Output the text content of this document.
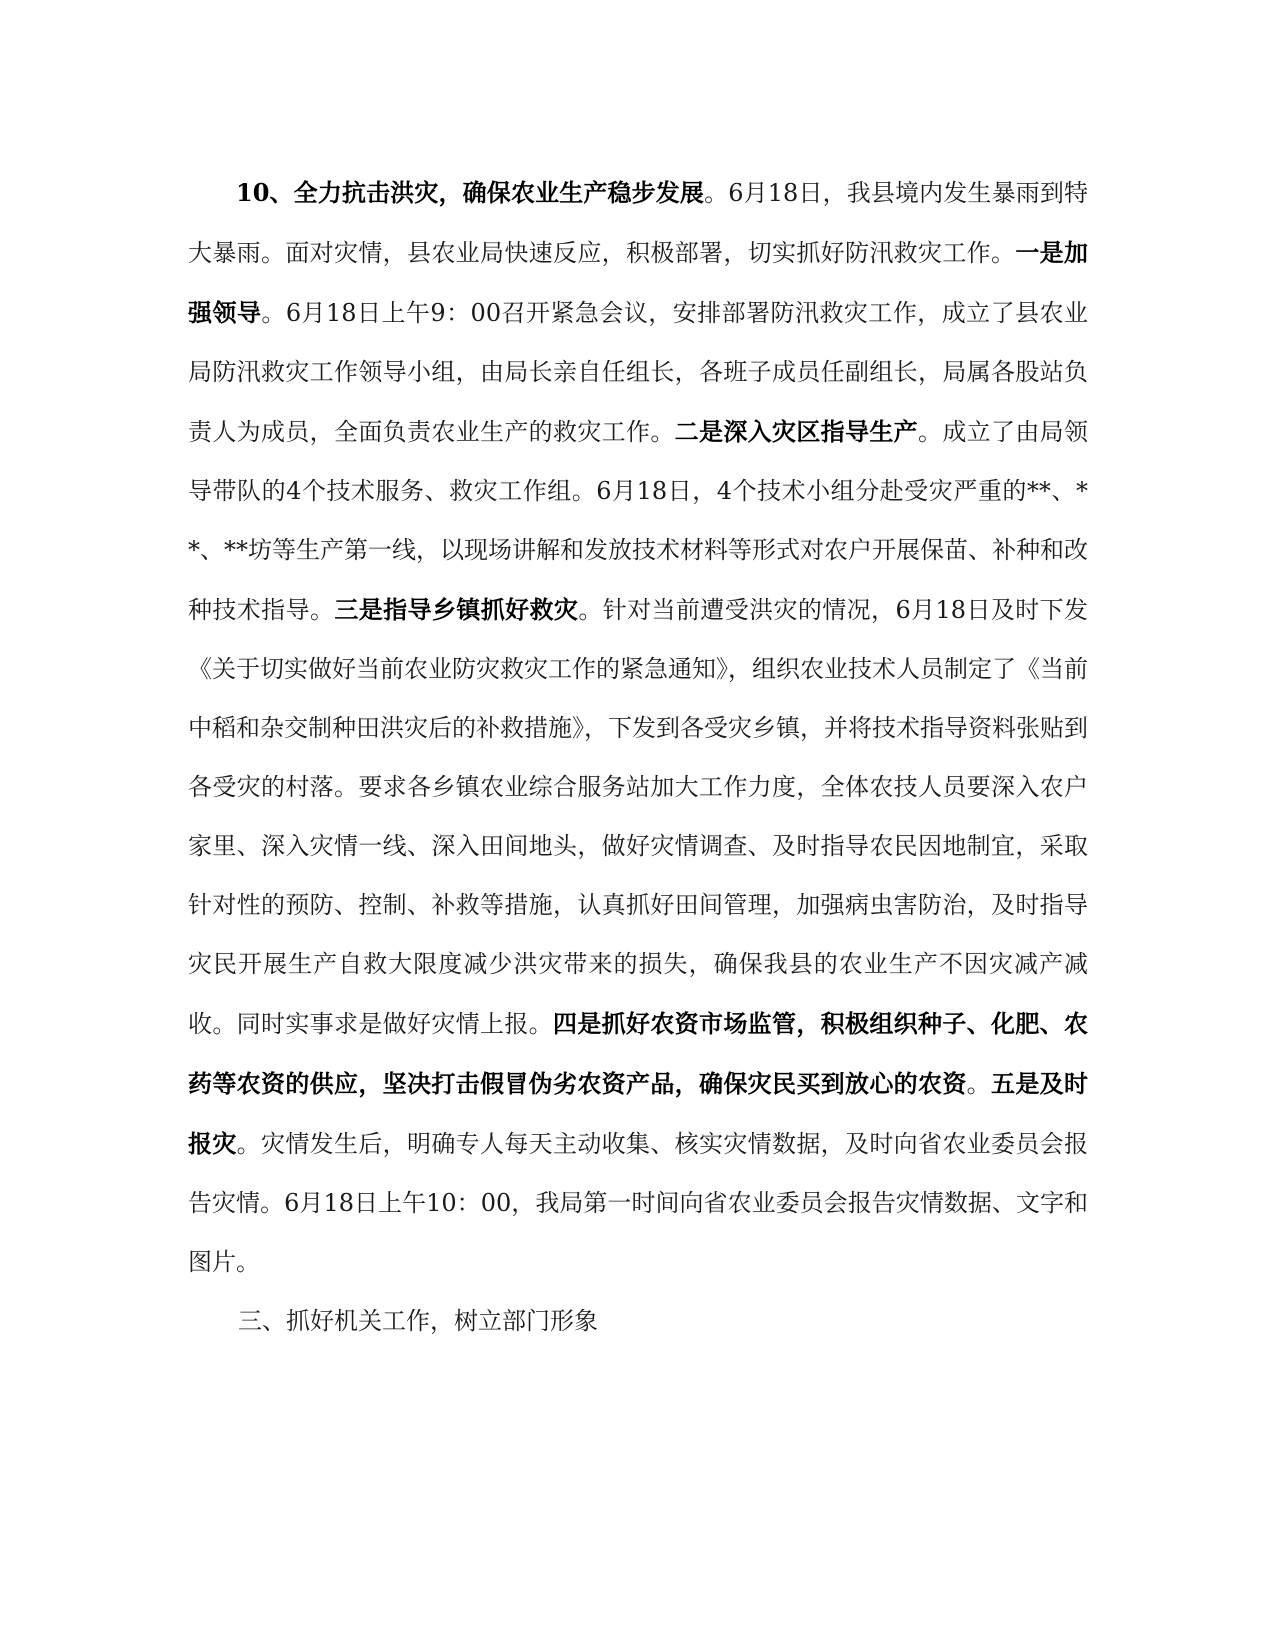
10、全力抗击洪灾，确保农业生产稳步发展。6月18日，我县境内发生暴雨到特大暴雨。面对灾情，县农业局快速反应，积极部署，切实抓好防汛救灾工作。一是加强领导。6月18日上午9：00召开紧急会议，安排部署防汛救灾工作，成立了县农业局防汛救灾工作领导小组，由局长亲自任组长，各班子成员任副组长，局属各股站负责人为成员，全面负责农业生产的救灾工作。二是深入灾区指导生产。成立了由局领导带队的4个技术服务、救灾工作组。6月18日，4个技术小组分赴受灾严重的**、**、**坊等生产第一线，以现场讲解和发放技术材料等形式对农户开展保苗、补种和改种技术指导。三是指导乡镇抓好救灾。针对当前遭受洪灾的情况，6月18日及时下发《关于切实做好当前农业防灾救灾工作的紧急通知》，组织农业技术人员制定了《当前中稻和杂交制种田洪灾后的补救措施》，下发到各受灾乡镇，并将技术指导资料张贴到各受灾的村落。要求各乡镇农业综合服务站加大工作力度，全体农技人员要深入农户家里、深入灾情一线、深入田间地头，做好灾情调查、及时指导农民因地制宜，采取针对性的预防、控制、补救等措施，认真抓好田间管理，加强病虫害防治，及时指导灾民开展生产自救大限度减少洪灾带来的损失，确保我县的农业生产不因灾减产减收。同时实事求是做好灾情上报。四是抓好农资市场监管，积极组织种子、化肥、农药等农资的供应，坚决打击假冒伪劣农资产品，确保灾民买到放心的农资。五是及时报灾。灾情发生后，明确专人每天主动收集、核实灾情数据，及时向省农业委员会报告灾情。6月18日上午10：00，我局第一时间向省农业委员会报告灾情数据、文字和图片。

三、抓好机关工作，树立部门形象
